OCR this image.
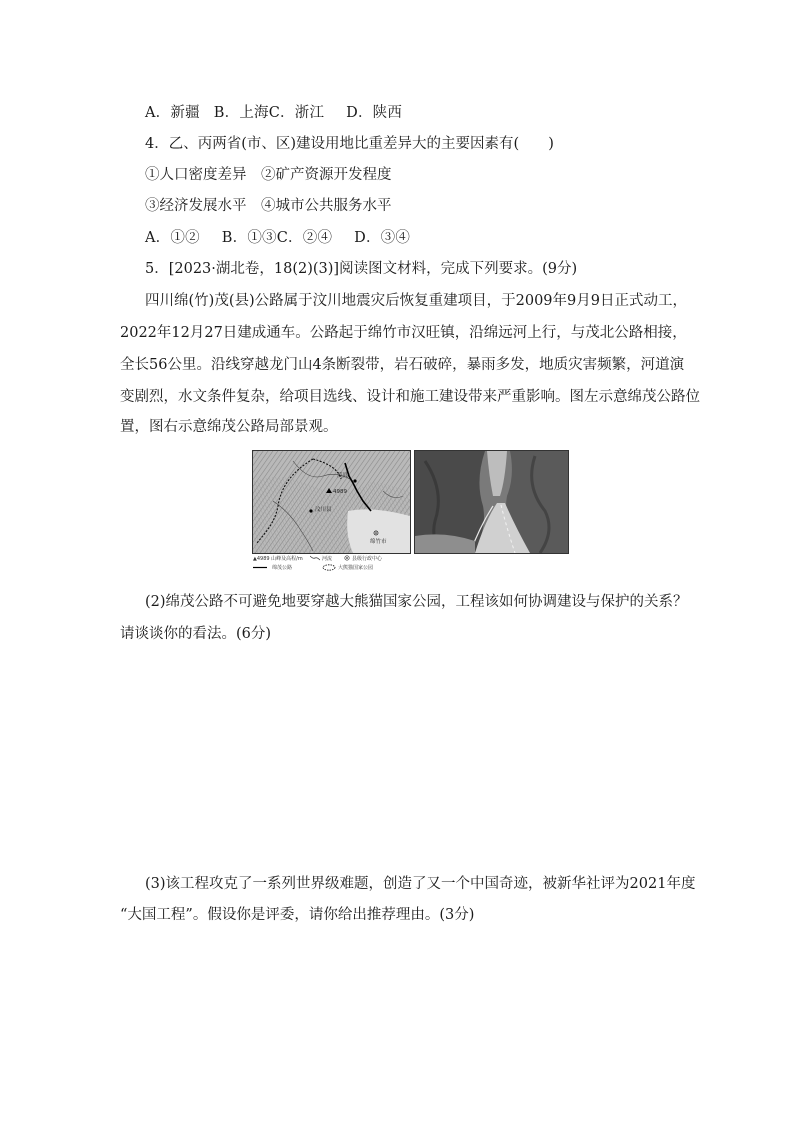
A．新疆 B．上海C．浙江 D．陕西
4．乙、丙两省(市、区)建设用地比重差异大的主要因素有(　　)
①人口密度差异　②矿产资源开发程度
③经济发展水平　④城市公共服务水平
A．①② B．①③C．②④ D．③④
5．[2023·湖北卷，18(2)(3)]阅读图文材料，完成下列要求。(9分)
四川绵(竹)茂(县)公路属于汶川地震灾后恢复重建项目，于2009年9月9日正式动工，
2022年12月27日建成通车。公路起于绵竹市汉旺镇，沿绵远河上行，与茂北公路相接，
全长56公里。沿线穿越龙门山4条断裂带，岩石破碎，暴雨多发，地质灾害频繁，河道演
变剧烈，水文条件复杂，给项目选线、设计和施工建设带来严重影响。图左示意绵茂公路位
置，图右示意绵茂公路局部景观。
茂县
汶川县
4989
绵竹市
▲4989 山峰及高程/m	河流	县级行政中心
绵茂公路	大熊猫国家公园
(2)绵茂公路不可避免地要穿越大熊猫国家公园，工程该如何协调建设与保护的关系？
请谈谈你的看法。(6分)
(3)该工程攻克了一系列世界级难题，创造了又一个中国奇迹，被新华社评为2021年度
“大国工程”。假设你是评委，请你给出推荐理由。(3分)
